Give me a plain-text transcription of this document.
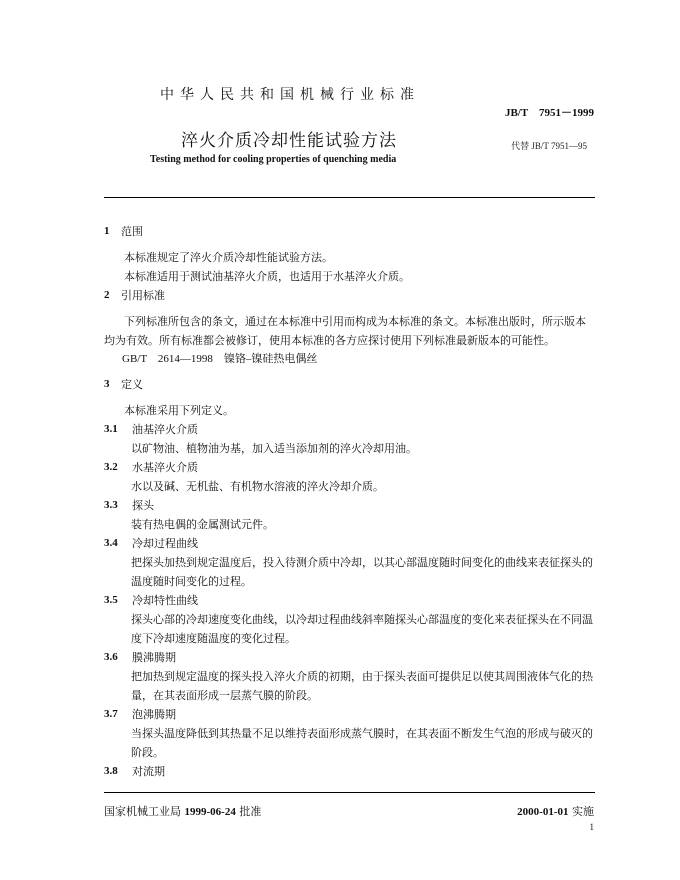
中华人民共和国机械行业标准
JB/T　7951－1999
淬火介质冷却性能试验方法	代替 JB/T 7951—95
Testing method for cooling properties of quenching media
1 范围
本标准规定了淬火介质冷却性能试验方法。
本标准适用于测试油基淬火介质，也适用于水基淬火介质。
2 引用标准
下列标准所包含的条文，通过在本标准中引用而构成为本标准的条文。本标准出版时，所示版本均为有效。所有标准都会被修订，使用本标准的各方应探讨使用下列标准最新版本的可能性。
GB/T　2614—1998　镍铬–镍硅热电偶丝
3 定义
本标准采用下列定义。
3.1 油基淬火介质
以矿物油、植物油为基，加入适当添加剂的淬火冷却用油。
3.2 水基淬火介质
水以及碱、无机盐、有机物水溶液的淬火冷却介质。
3.3 探头
装有热电偶的金属测试元件。
3.4 冷却过程曲线
把探头加热到规定温度后，投入待测介质中冷却，以其心部温度随时间变化的曲线来表征探头的温度随时间变化的过程。
3.5 冷却特性曲线
探头心部的冷却速度变化曲线，以冷却过程曲线斜率随探头心部温度的变化来表征探头在不同温度下冷却速度随温度的变化过程。
3.6 膜沸腾期
把加热到规定温度的探头投入淬火介质的初期，由于探头表面可提供足以使其周围液体气化的热量，在其表面形成一层蒸气膜的阶段。
3.7 泡沸腾期
当探头温度降低到其热量不足以维持表面形成蒸气膜时，在其表面不断发生气泡的形成与破灭的阶段。
3.8 对流期
国家机械工业局 1999-06-24 批准	2000-01-01 实施
1
